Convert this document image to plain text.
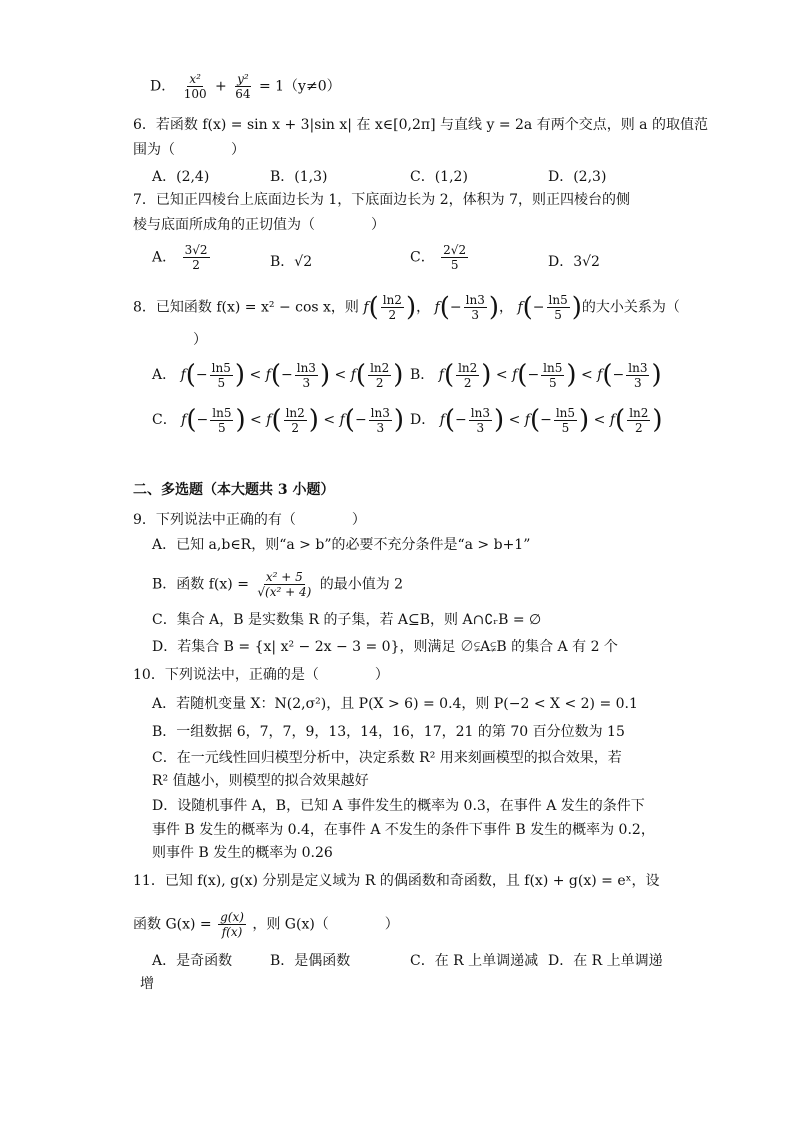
D． $\frac{\text{x²}}{100} + \frac{\text{y²}}{64} = 1(y\ne 0)$
6．若函数 f(x) = sin x + 3|sin x| 在 x∈[0,2π] 与直线 y = 2a 有两个交点，则 a 的取值范
围为（　　　　）
A．(2,4)	B．(1,3)	C．(1,2)	D．(2,3)
7．已知正四棱台上底面边长为 1，下底面边长为 2，体积为 7，则正四棱台的侧
棱与底面所成角的正切值为（　　　　）
A． $\frac{3√2}{2}$	B．√2	C． $\frac{2√2}{5}$	D．3√2
8．已知函数 f(x) = x² − cos x，则 $f( \frac{\ln 2}{2}$ )， $f(- \frac{\ln 3}{3}$ )， $f(- \frac{\ln 5}{5}$ )的大小关系为（
）
A． $f(- \frac{\ln 5}{5}$ ) < $f(- \frac{\ln 3}{3}$ ) < $f( \frac{\ln 2}{2}$ ) B． $f( \frac{\ln 2}{2}$ ) < $f(- \frac{\ln 5}{5}$ ) < $f(- \frac{\ln 3}{3}$ )
C． $f(- \frac{\ln 5}{5}$ ) < $f( \frac{\ln 2}{2}$ ) < $f(- \frac{\ln 3}{3}$ ) D． $f(- \frac{\ln 3}{3}$ ) < $f(- \frac{\ln 5}{5}$ ) < $f( \frac{\ln 2}{2}$ )
二、多选题（本大题共 3 小题）
9．下列说法中正确的有（　　　　）
A．已知 a,b∈R，则“a > b”的必要不充分条件是“a > b+1”
B．函数 $f(x) = \frac{\text{x² + 5}}{\text{√(x² + 4)}}$ 的最小值为 2
C．集合 A，B 是实数集 R 的子集，若 A⊆B，则 A∩∁ᵣB = ∅
D．若集合 B = {x| x² − 2x − 3 = 0}，则满足 ∅⫋A⫋B 的集合 A 有 2 个
10．下列说法中，正确的是（　　　　）
A．若随机变量 X：N(2,σ²)，且 P(X > 6) = 0.4，则 P(−2 < X < 2) = 0.1
B．一组数据 6，7，7，9，13，14，16，17，21 的第 70 百分位数为 15
C．在一元线性回归模型分析中，决定系数 R² 用来刻画模型的拟合效果，若
R² 值越小，则模型的拟合效果越好
D．设随机事件 A，B，已知 A 事件发生的概率为 0.3，在事件 A 发生的条件下
事件 B 发生的概率为 0.4，在事件 A 不发生的条件下事件 B 发生的概率为 0.2，
则事件 B 发生的概率为 0.26
11．已知 f(x), g(x) 分别是定义域为 R 的偶函数和奇函数，且 f(x) + g(x) = eˣ，设
函数 $G(x) = \frac{g(x)}{f(x)}$ ，则 G(x)（　　　　）
A．是奇函数	B．是偶函数	C．在 R 上单调递减 D．在 R 上单调递
增
